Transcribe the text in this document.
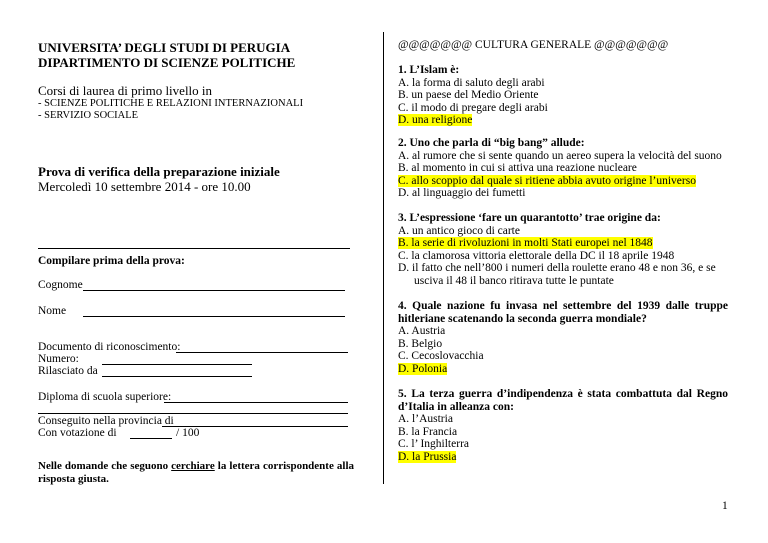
UNIVERSITA’ DEGLI STUDI DI PERUGIA
DIPARTIMENTO DI SCIENZE POLITICHE
Corsi di laurea di primo livello in
- SCIENZE POLITICHE E RELAZIONI INTERNAZIONALI
- SERVIZIO SOCIALE
Prova di verifica della preparazione iniziale
Mercoledì 10 settembre 2014 - ore 10.00
Compilare prima della prova:
Cognome
Nome
Documento di riconoscimento:
Numero:
Rilasciato da
Diploma di scuola superiore:
Conseguito nella provincia di
Con votazione di	/ 100
Nelle domande che seguono cerchiare la lettera corrispondente alla risposta giusta.
@@@@@@@ CULTURA GENERALE @@@@@@@
1. L’Islam è:
A. la forma di saluto degli arabi
B. un paese del Medio Oriente
C. il modo di pregare degli arabi
D. una religione
2. Uno che parla di “big bang” allude:
A. al rumore che si sente quando un aereo supera la velocità del suono
B. al momento in cui si attiva una reazione nucleare
C. allo scoppio dal quale si ritiene abbia avuto origine l’universo
D. al linguaggio dei fumetti
3. L’espressione ‘fare un quarantotto’ trae origine da:
A. un antico gioco di carte
B. la serie di rivoluzioni in molti Stati europei nel 1848
C. la clamorosa vittoria elettorale della DC il 18 aprile 1948
D. il fatto che nell’800 i numeri della roulette erano 48 e non 36, e se
usciva il 48 il banco ritirava tutte le puntate
4. Quale nazione fu invasa nel settembre del 1939 dalle truppe hitleriane scatenando la seconda guerra mondiale?
A. Austria
B. Belgio
C. Cecoslovacchia
D. Polonia
5. La terza guerra d’indipendenza è stata combattuta dal Regno d’Italia in alleanza con:
A. l’Austria
B. la Francia
C. l’ Inghilterra
D. la Prussia
1
